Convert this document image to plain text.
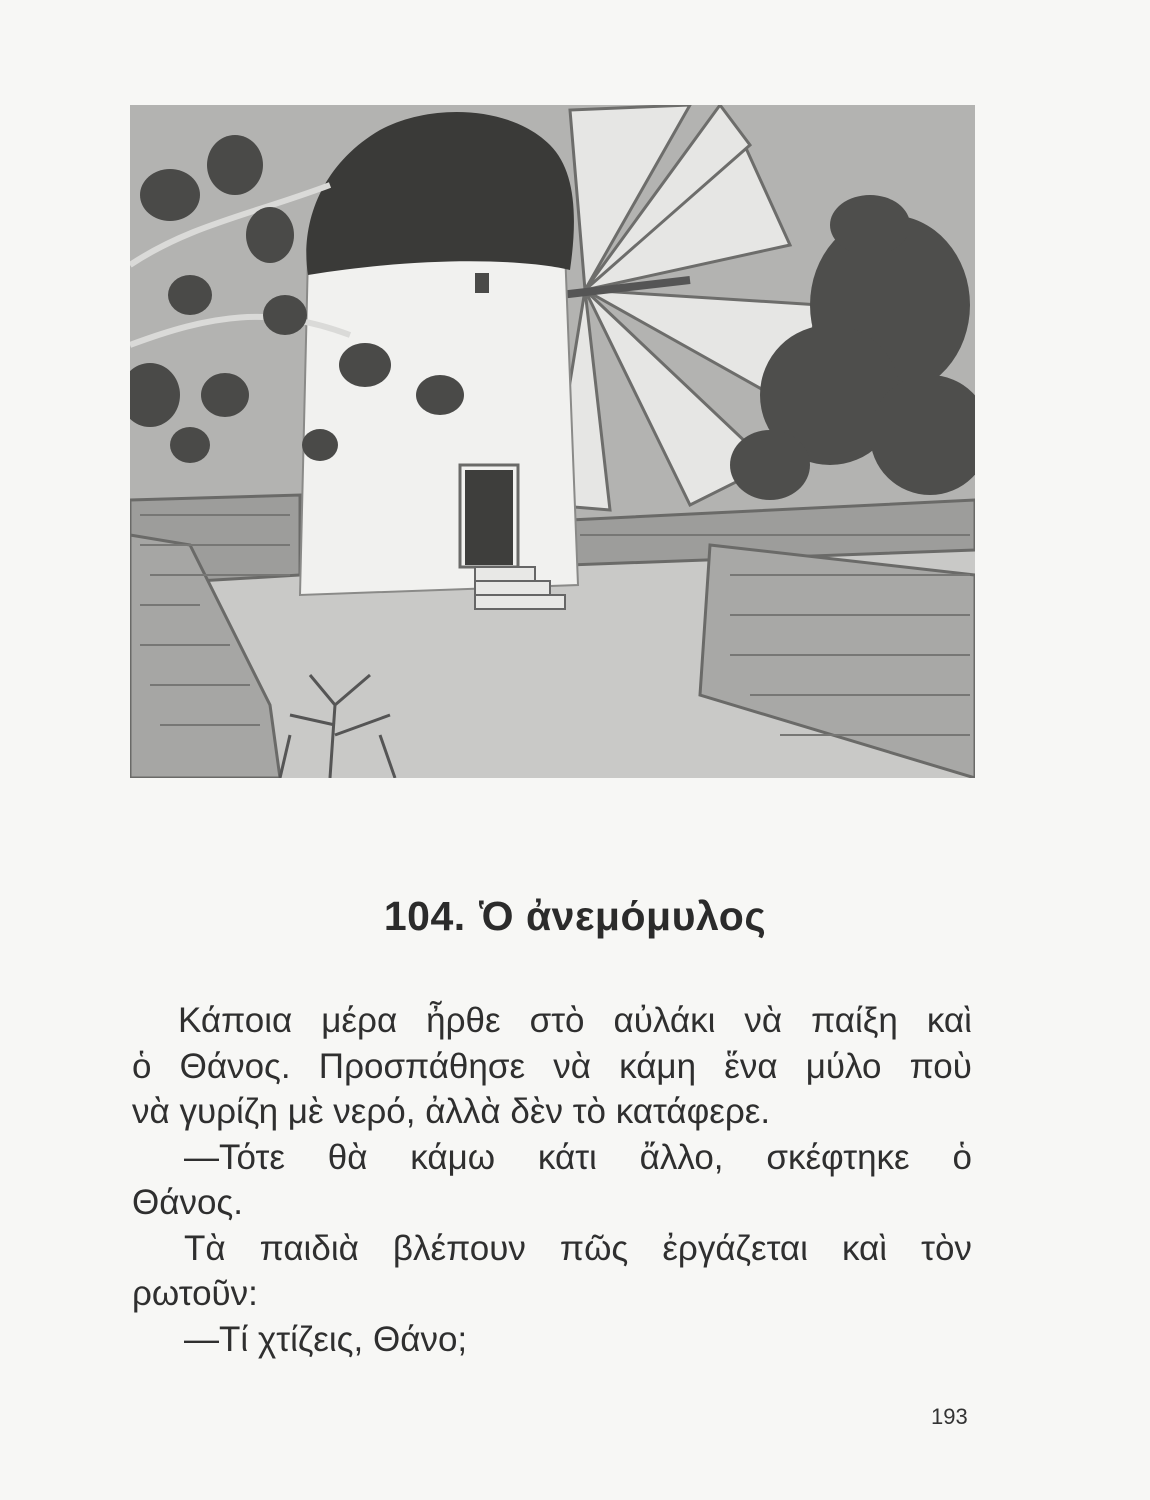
104. Ὁ ἀνεμόμυλος
Κάποια μέρα ἦρθε στὸ αὐλάκι νὰ παίξη καὶ
ὁ Θάνος. Προσπάθησε νὰ κάμη ἕνα μύλο ποὺ
νὰ γυρίζη μὲ νερό, ἀλλὰ δὲν τὸ κατάφερε.
—Τότε θὰ κάμω κάτι ἄλλο, σκέφτηκε ὁ
Θάνος.
Τὰ παιδιὰ βλέπουν πῶς ἐργάζεται καὶ τὸν
ρωτοῦν:
—Τί χτίζεις, Θάνο;
193
